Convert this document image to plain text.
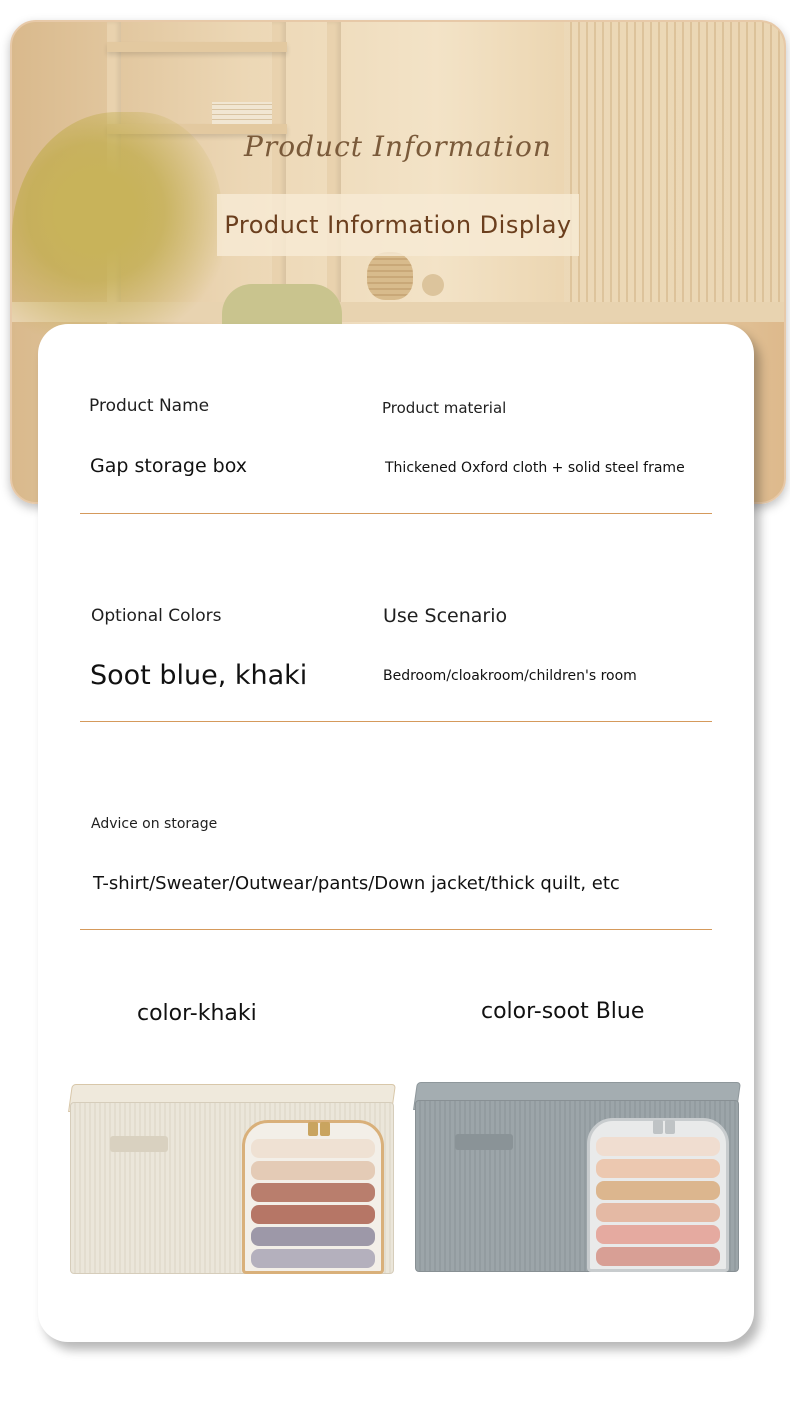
Product Information
Product Information Display
Product Name
Gap storage box
Product material
Thickened Oxford cloth + solid steel frame
Optional Colors
Soot blue, khaki
Use Scenario
Bedroom/cloakroom/children's room
Advice on storage
T-shirt/Sweater/Outwear/pants/Down jacket/thick quilt, etc
color-khaki	color-soot Blue
